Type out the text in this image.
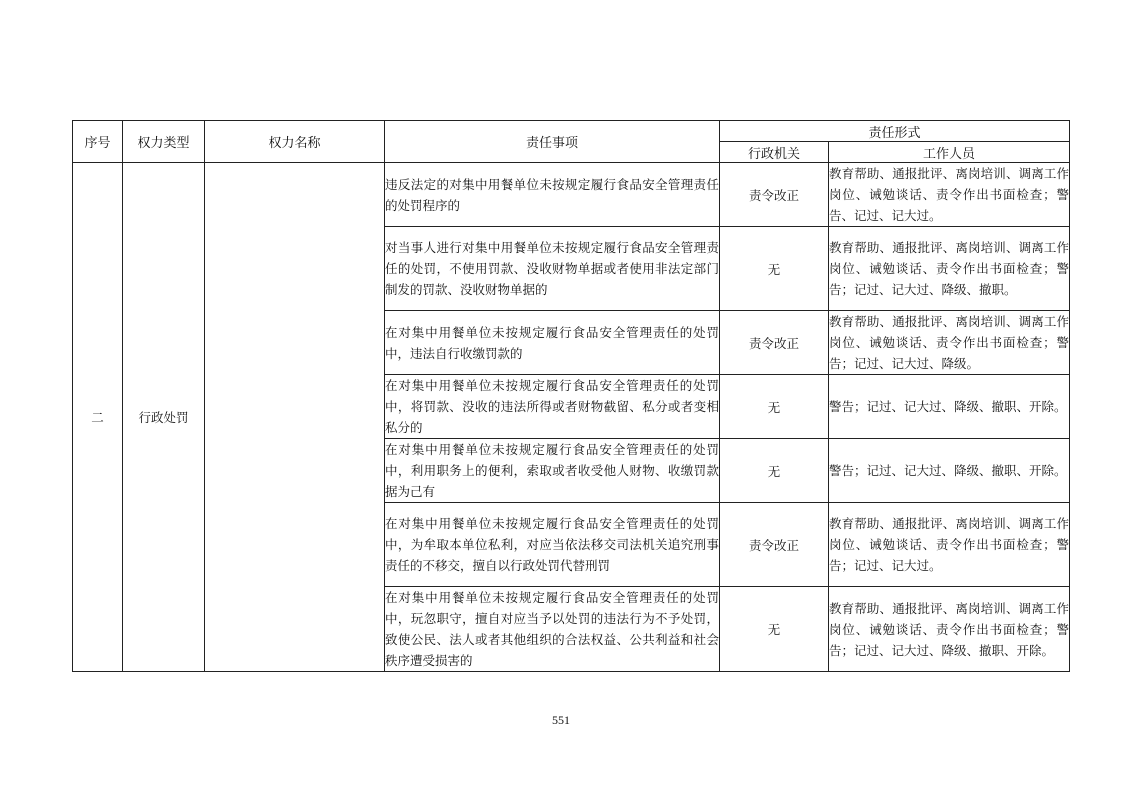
序号	权力类型	权力名称	责任事项	责任形式	
				行政机关	工作人员
二	行政处罚		违反法定的对集中用餐单位未按规定履行食品安全管理责任的处罚程序的	责令改正	教育帮助、通报批评、离岗培训、调离工作岗位、诫勉谈话、责令作出书面检查；警告、记过、记大过。
			对当事人进行对集中用餐单位未按规定履行食品安全管理责任的处罚，不使用罚款、没收财物单据或者使用非法定部门制发的罚款、没收财物单据的	无	教育帮助、通报批评、离岗培训、调离工作岗位、诫勉谈话、责令作出书面检查；警告；记过、记大过、降级、撤职。
			在对集中用餐单位未按规定履行食品安全管理责任的处罚中，违法自行收缴罚款的	责令改正	教育帮助、通报批评、离岗培训、调离工作岗位、诫勉谈话、责令作出书面检查；警告；记过、记大过、降级。
			在对集中用餐单位未按规定履行食品安全管理责任的处罚中，将罚款、没收的违法所得或者财物截留、私分或者变相私分的	无	警告；记过、记大过、降级、撤职、开除。
			在对集中用餐单位未按规定履行食品安全管理责任的处罚中，利用职务上的便利，索取或者收受他人财物、收缴罚款据为己有	无	警告；记过、记大过、降级、撤职、开除。
			在对集中用餐单位未按规定履行食品安全管理责任的处罚中，为牟取本单位私利，对应当依法移交司法机关追究刑事责任的不移交，擅自以行政处罚代替刑罚	责令改正	教育帮助、通报批评、离岗培训、调离工作岗位、诫勉谈话、责令作出书面检查；警告；记过、记大过。
			在对集中用餐单位未按规定履行食品安全管理责任的处罚中，玩忽职守，擅自对应当予以处罚的违法行为不予处罚，致使公民、法人或者其他组织的合法权益、公共利益和社会秩序遭受损害的	无	教育帮助、通报批评、离岗培训、调离工作岗位、诫勉谈话、责令作出书面检查；警告；记过、记大过、降级、撤职、开除。
551
